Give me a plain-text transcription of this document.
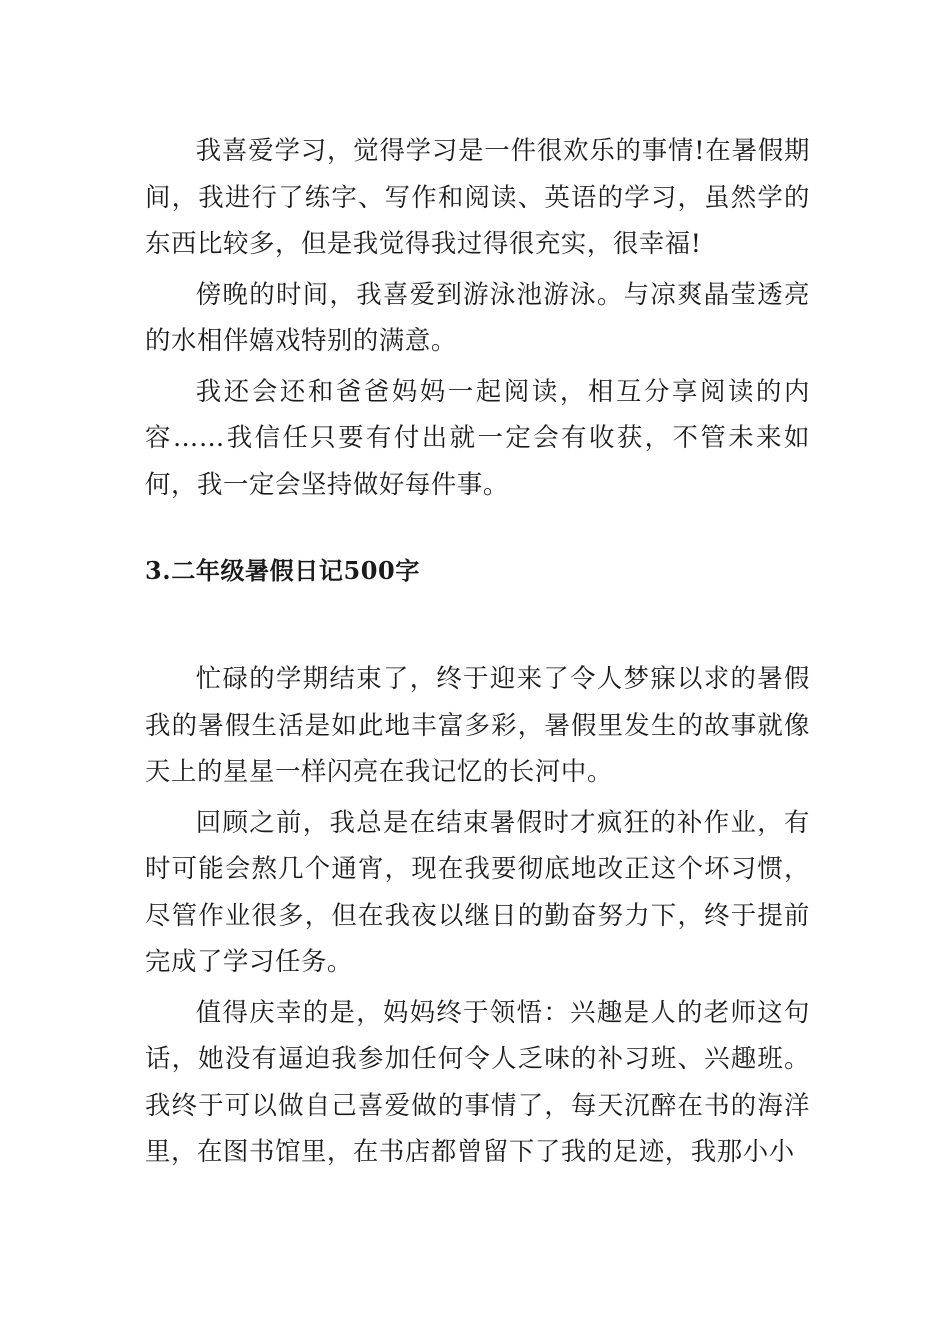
我喜爱学习，觉得学习是一件很欢乐的事情!在暑假期间，我进行了练字、写作和阅读、英语的学习，虽然学的东西比较多，但是我觉得我过得很充实，很幸福!

傍晚的时间，我喜爱到游泳池游泳。与凉爽晶莹透亮的水相伴嬉戏特别的满意。

我还会还和爸爸妈妈一起阅读，相互分享阅读的内容……我信任只要有付出就一定会有收获，不管未来如何，我一定会坚持做好每件事。

3.二年级暑假日记500字

忙碌的学期结束了，终于迎来了令人梦寐以求的暑假我的暑假生活是如此地丰富多彩，暑假里发生的故事就像天上的星星一样闪亮在我记忆的长河中。

回顾之前，我总是在结束暑假时才疯狂的补作业，有时可能会熬几个通宵，现在我要彻底地改正这个坏习惯，尽管作业很多，但在我夜以继日的勤奋努力下，终于提前完成了学习任务。

值得庆幸的是，妈妈终于领悟：兴趣是人的老师这句话，她没有逼迫我参加任何令人乏味的补习班、兴趣班。我终于可以做自己喜爱做的事情了，每天沉醉在书的海洋里，在图书馆里，在书店都曾留下了我的足迹，我那小小
